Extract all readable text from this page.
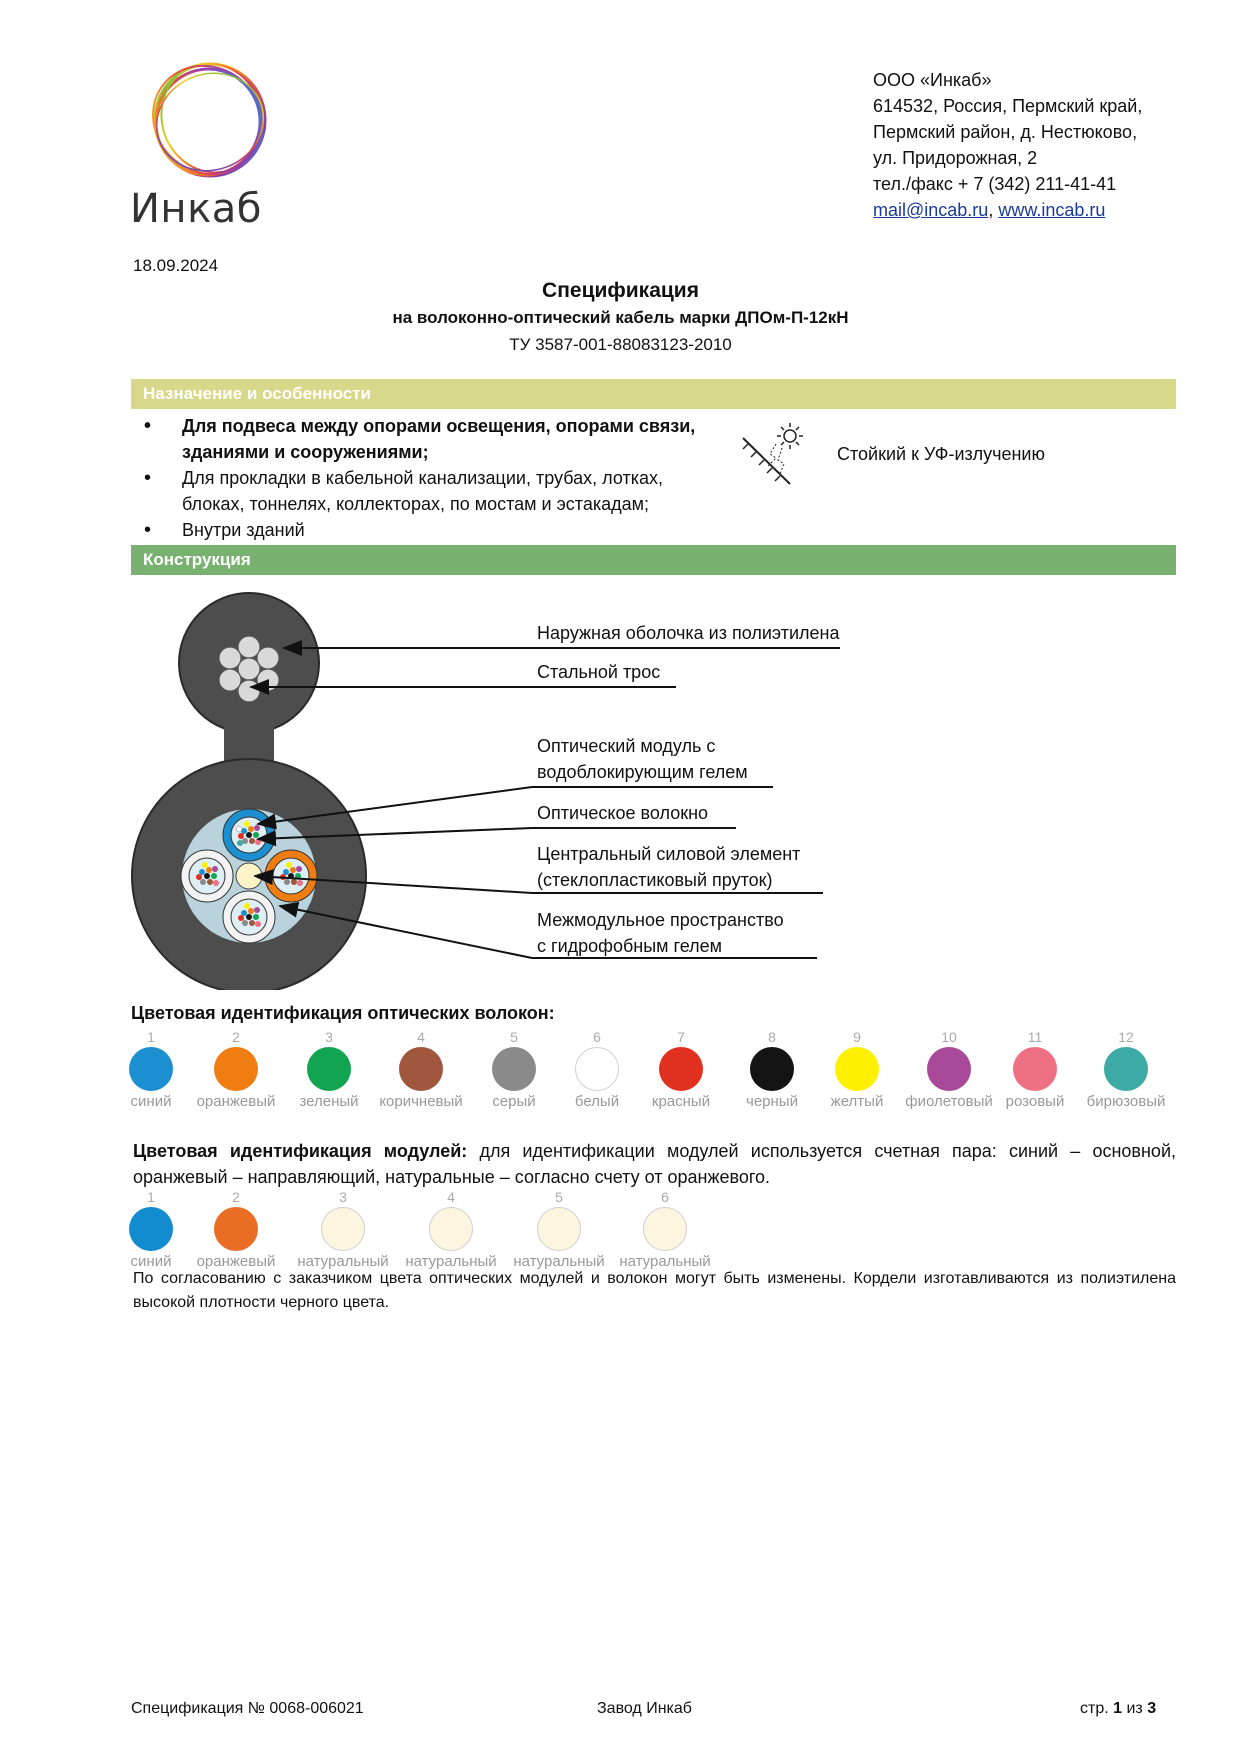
Инкаб
ООО «Инкаб»
614532, Россия, Пермский край,
Пермский район, д. Нестюково,
ул. Придорожная, 2
тел./факс + 7 (342) 211-41-41
mail@incab.ru, www.incab.ru
18.09.2024
Спецификация
на волоконно-оптический кабель марки ДПОм-П-12кН
ТУ 3587-001-88083123-2010
Назначение и особенности
• Для подвеса между опорами освещения, опорами связи, зданиями и сооружениями;
• Для прокладки в кабельной канализации, трубах, лотках, блоках, тоннелях, коллекторах, по мостам и эстакадам;
• Внутри зданий
Стойкий к УФ-излучению
Конструкция
Наружная оболочка из полиэтилена
Стальной трос
Оптический модуль с
водоблокирующим гелем
Оптическое волокно
Центральный силовой элемент
(стеклопластиковый пруток)
Межмодульное пространство
с гидрофобным гелем
Цветовая идентификация оптических волокон:
1
синий
2
оранжевый
3
зеленый
4
коричневый
5
серый
6
белый
7
красный
8
черный
9
желтый
10
фиолетовый
11
розовый
12
бирюзовый
Цветовая идентификация модулей: для идентификации модулей используется счетная пара: синий – основной, оранжевый – направляющий, натуральные – согласно счету от оранжевого.
1
синий
2
оранжевый
3
натуральный
4
натуральный
5
натуральный
6
натуральный
По согласованию с заказчиком цвета оптических модулей и волокон могут быть изменены. Кордели изготавливаются из полиэтилена высокой плотности черного цвета.
Спецификация № 0068-006021	Завод Инкаб	стр. 1 из 3
